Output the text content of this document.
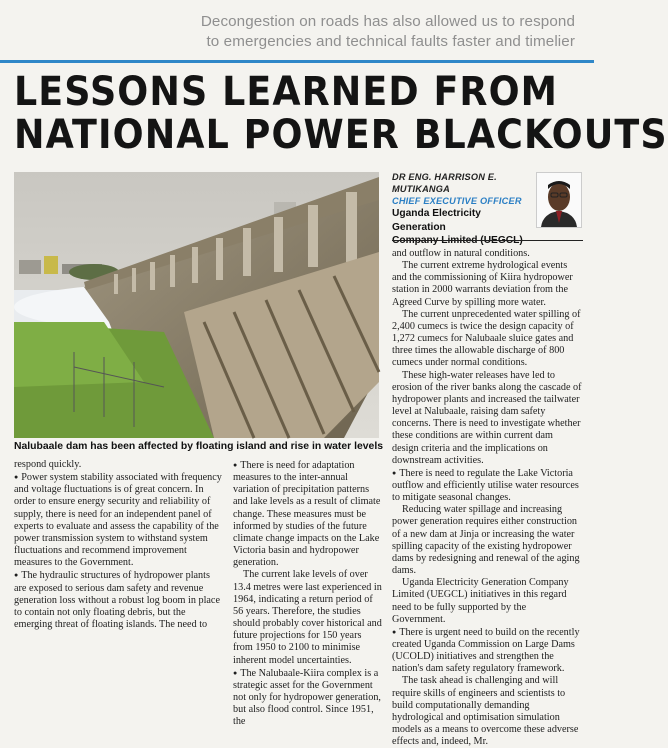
Decongestion on roads has also allowed us to respond
to emergencies and technical faults faster and timelier
LESSONS LEARNED FROM
NATIONAL POWER BLACKOUTS
Nalubaale dam has been affected by floating island and rise in water levels
DR ENG. HARRISON E. MUTIKANGA
CHIEF EXECUTIVE OFFICER
Uganda Electricity
Generation

respond quickly.

● Power system stability associated with frequency and voltage fluctuations is of great concern. In order to ensure energy security and reliability of supply, there is need for an independent panel of experts to evaluate and assess the capability of the power transmission system to withstand system fluctuations and recommend improvement measures to the Government.

● The hydraulic structures of hydropower plants are exposed to serious dam safety and revenue generation loss without a robust log boom in place to contain not only floating debris, but the emerging threat of floating islands. The need to

● There is need for adaptation measures to the inter-annual variation of precipitation patterns and lake levels as a result of climate change. These measures must be informed by studies of the future climate change impacts on the Lake Victoria basin and hydropower generation.

The current lake levels of over 13.4 metres were last experienced in 1964, indicating a return period of 56 years. Therefore, the studies should probably cover historical and future projections for 150 years from 1950 to 2100 to minimise inherent model uncertainties.

● The Nalubaale-Kiira complex is a strategic asset for the Government not only for hydropower generation, but also flood control. Since 1951, the

and outflow in natural conditions.

The current extreme hydrological events and the commissioning of Kiira hydropower station in 2000 warrants deviation from the Agreed Curve by spilling more water.

The current unprecedented water spilling of 2,400 cumecs is twice the design capacity of 1,272 cumecs for Nalubaale sluice gates and three times the allowable discharge of 800 cumecs under normal conditions.

These high-water releases have led to erosion of the river banks along the cascade of hydropower plants and increased the tailwater level at Nalubaale, raising dam safety concerns. There is need to investigate whether these conditions are within current dam design criteria and the implications on downstream activities.

● There is need to regulate the Lake Victoria outflow and efficiently utilise water resources to mitigate seasonal changes.

Reducing water spillage and increasing power generation requires either construction of a new dam at Jinja or increasing the water spilling capacity of the existing hydropower dams by redesigning and renewal of the aging dams.

Uganda Electricity Generation Company Limited (UEGCL) initiatives in this regard need to be fully supported by the Government.

● There is urgent need to build on the recently created Uganda Commission on Large Dams (UCOLD) initiatives and strengthen the nation's dam safety regulatory framework.

The task ahead is challenging and will require skills of engineers and scientists to build computationally demanding hydrological and optimisation simulation models as a means to overcome these adverse effects and, indeed, Mr.
